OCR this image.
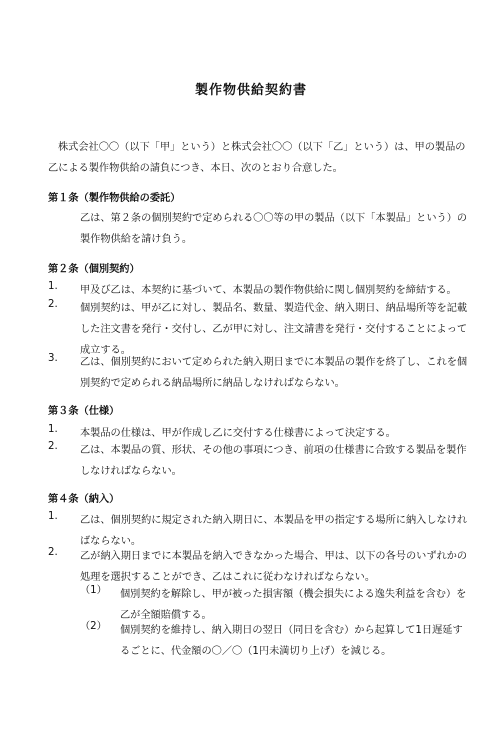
製作物供給契約書
株式会社〇〇（以下「甲」という）と株式会社〇〇（以下「乙」という）は、甲の製品の乙による製作物供給の請負につき、本日、次のとおり合意した。
第１条（製作物供給の委託）
乙は、第２条の個別契約で定められる〇〇等の甲の製品（以下「本製品」という）の製作物供給を請け負う。
第２条（個別契約）
1.	甲及び乙は、本契約に基づいて、本製品の製作物供給に関し個別契約を締結する。
2.	個別契約は、甲が乙に対し、製品名、数量、製造代金、納入期日、納品場所等を記載した注文書を発行・交付し、乙が甲に対し、注文請書を発行・交付することによって成立する。
3.	乙は、個別契約において定められた納入期日までに本製品の製作を終了し、これを個別契約で定められる納品場所に納品しなければならない。
第３条（仕様）
1.	本製品の仕様は、甲が作成し乙に交付する仕様書によって決定する。
2.	乙は、本製品の質、形状、その他の事項につき、前項の仕様書に合致する製品を製作しなければならない。
第４条（納入）
1.	乙は、個別契約に規定された納入期日に、本製品を甲の指定する場所に納入しなければならない。
2.	乙が納入期日までに本製品を納入できなかった場合、甲は、以下の各号のいずれかの処理を選択することができ、乙はこれに従わなければならない。
（1）	個別契約を解除し、甲が被った損害額（機会損失による逸失利益を含む）を乙が全額賠償する。
（2）	個別契約を維持し、納入期日の翌日（同日を含む）から起算して1日遅延するごとに、代金額の〇／〇（1円未満切り上げ）を減じる。
